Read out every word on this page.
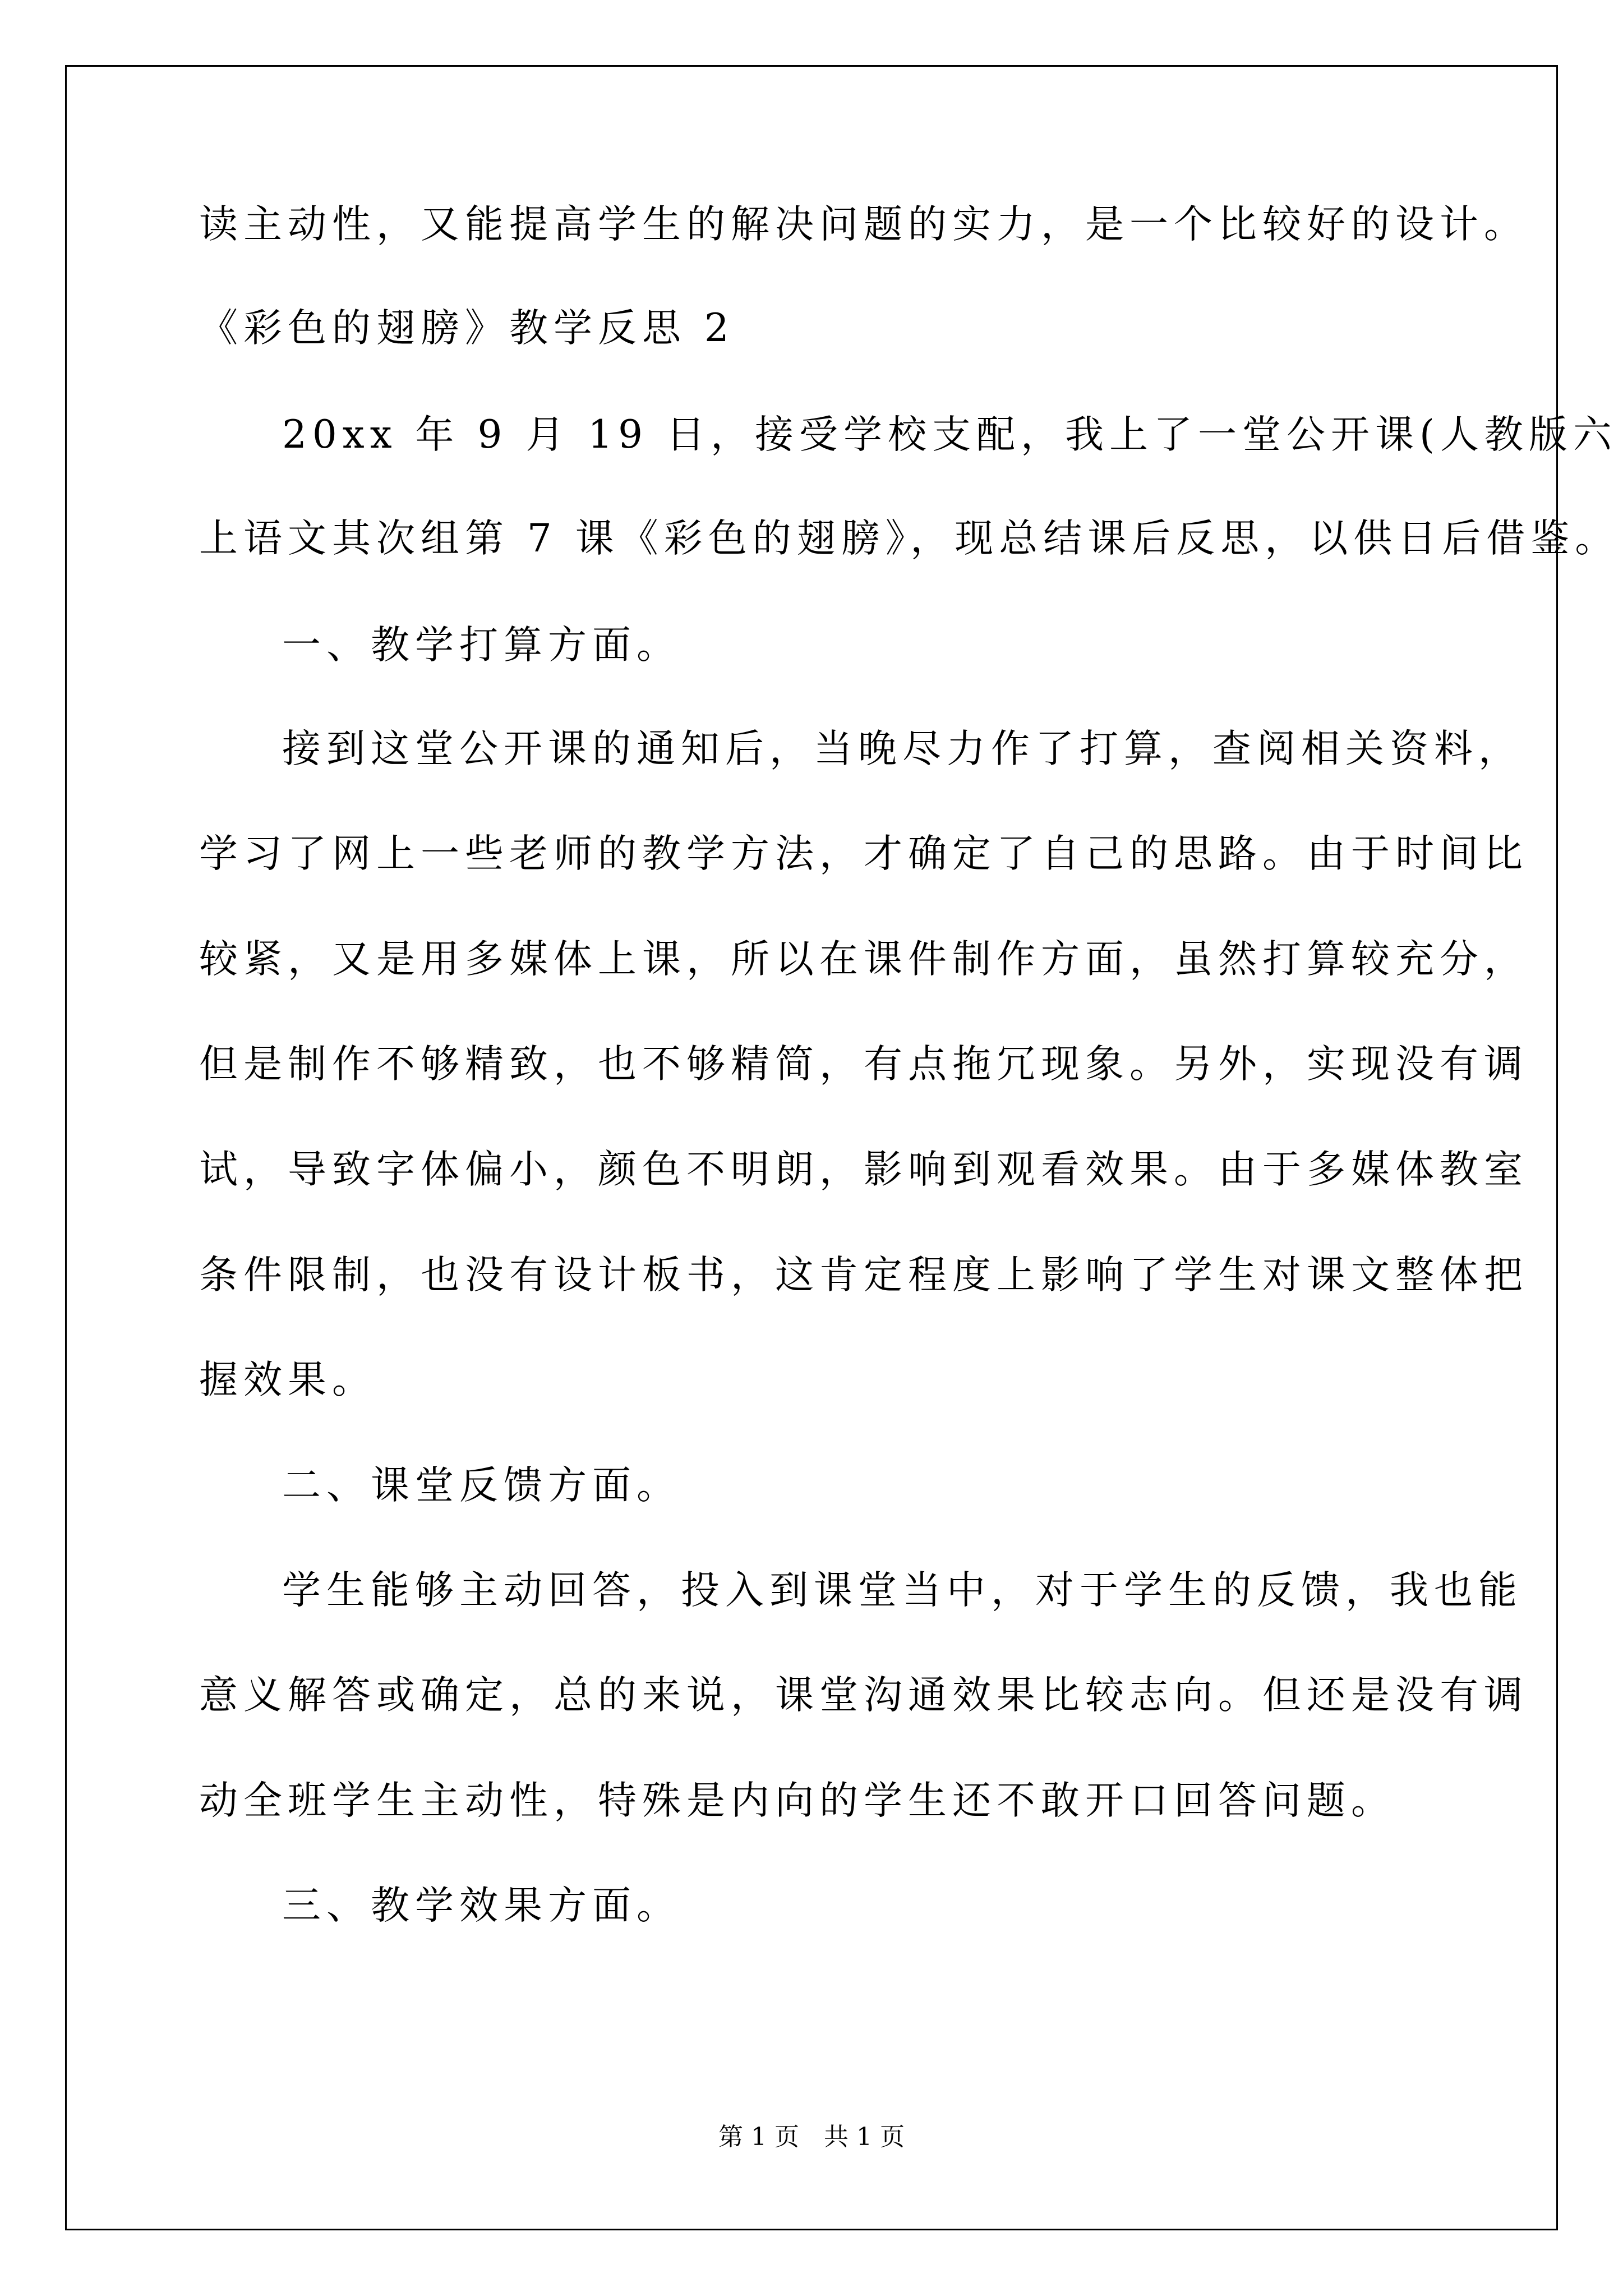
读主动性，又能提高学生的解决问题的实力，是一个比较好的设计。
《彩色的翅膀》教学反思 2
20xx 年 9 月 19 日，接受学校支配，我上了一堂公开课(人教版六
上语文其次组第 7 课《彩色的翅膀》，现总结课后反思，以供日后借鉴。
一、教学打算方面。
接到这堂公开课的通知后，当晚尽力作了打算，查阅相关资料，
学习了网上一些老师的教学方法，才确定了自己的思路。由于时间比
较紧，又是用多媒体上课，所以在课件制作方面，虽然打算较充分，
但是制作不够精致，也不够精简，有点拖冗现象。另外，实现没有调
试，导致字体偏小，颜色不明朗，影响到观看效果。由于多媒体教室
条件限制，也没有设计板书，这肯定程度上影响了学生对课文整体把
握效果。
二、课堂反馈方面。
学生能够主动回答，投入到课堂当中，对于学生的反馈，我也能
意义解答或确定，总的来说，课堂沟通效果比较志向。但还是没有调
动全班学生主动性，特殊是内向的学生还不敢开口回答问题。
三、教学效果方面。
第 1 页　共 1 页
